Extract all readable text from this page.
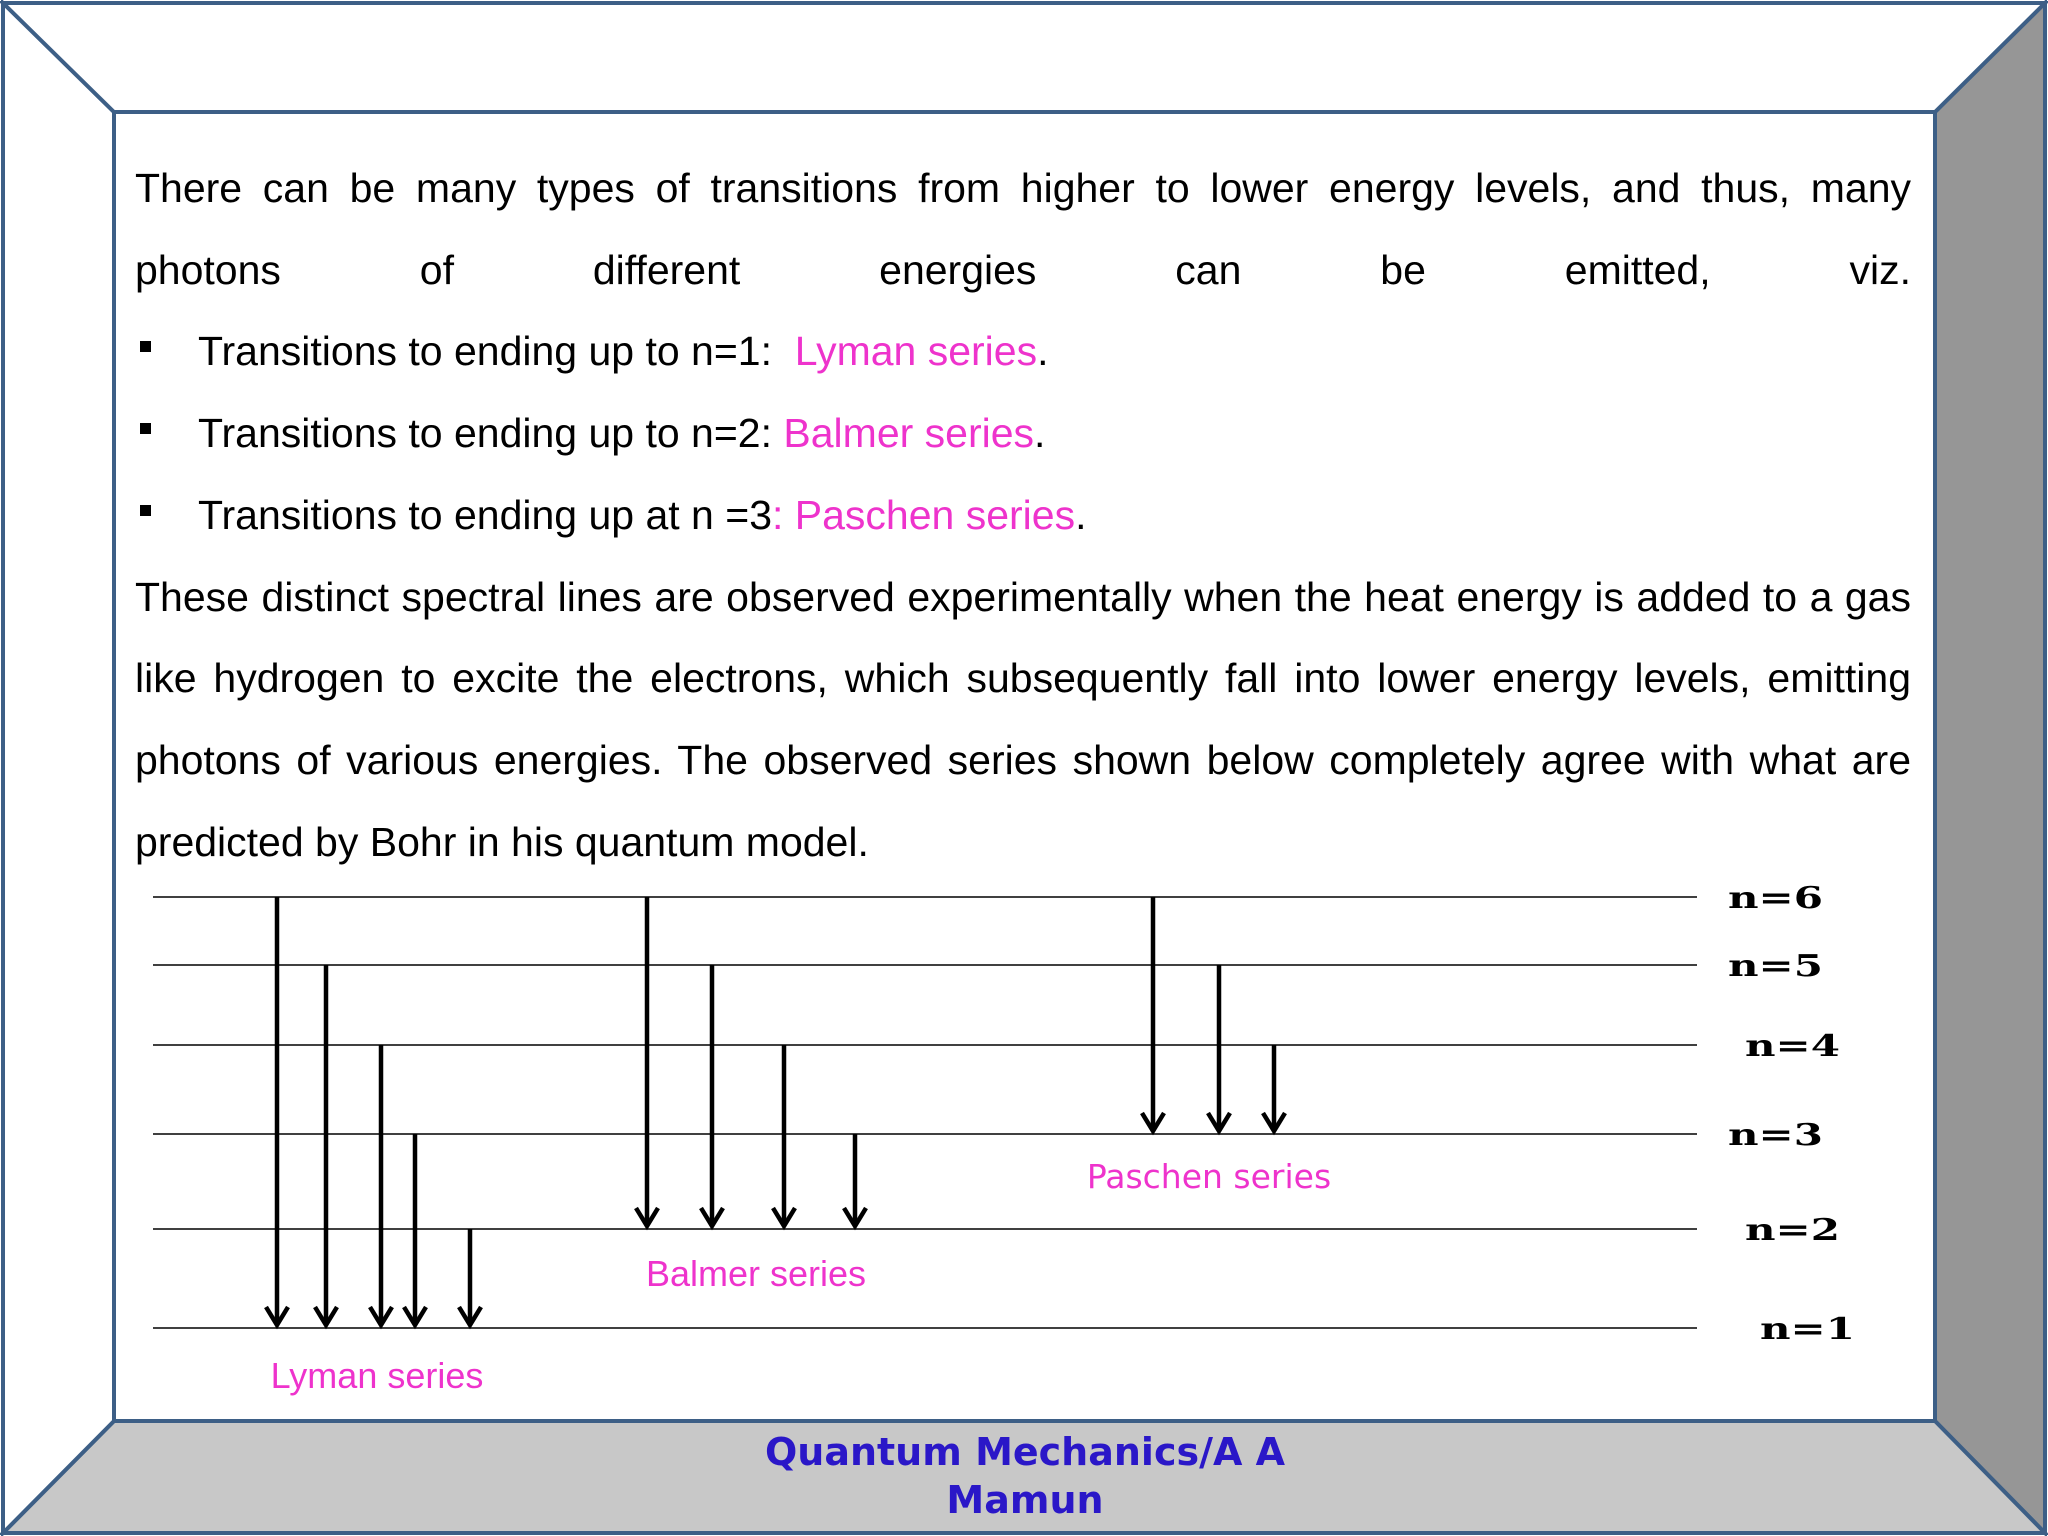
There can be many types of transitions from higher to lower energy levels, and thus, many photons of different energies can be emitted, viz.

Transitions to ending up to n=1:  Lyman series.
Transitions to ending up to n=2: Balmer series.
Transitions to ending up at n =3: Paschen series.

These distinct spectral lines are observed experimentally when the heat energy is added to a gas like hydrogen to excite the electrons, which subsequently fall into lower energy levels, emitting photons of various energies. The observed series shown below completely agree with what are predicted by Bohr in his quantum model.

n=6
n=5
n=4
n=3
n=2
n=1
Lyman series
Balmer series
Paschen series
Quantum Mechanics/A A
Mamun
